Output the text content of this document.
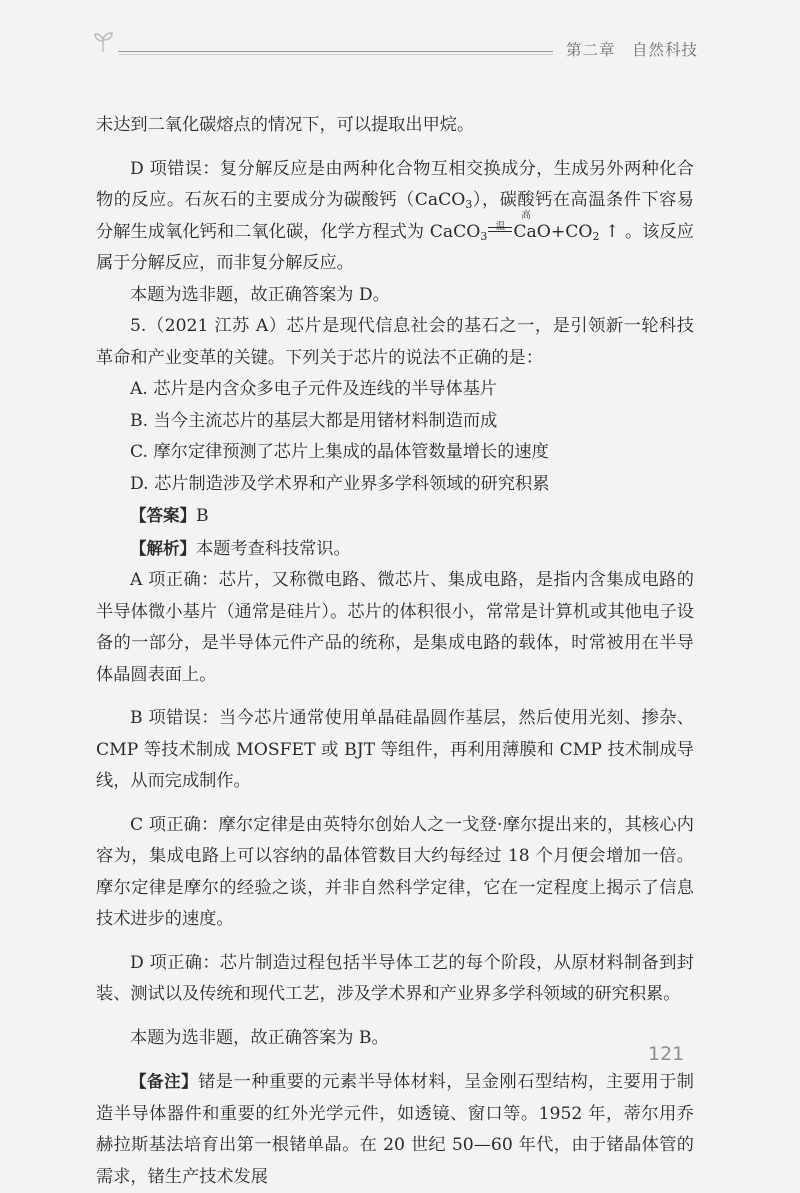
第二章　自然科技

未达到二氧化碳熔点的情况下，可以提取出甲烷。

D 项错误：复分解反应是由两种化合物互相交换成分，生成另外两种化合物的反应。石灰石的主要成分为碳酸钙（CaCO$_3$），碳酸钙在高温条件下容易分解生成氧化钙和二氧化碳，化学方程式为 CaCO$_3$
高
$CaO+CO_2$ ↑ 。该反应属于分解反应，而非复分解反应。

本题为选非题，故正确答案为 D。

5.（2021 江苏 A）芯片是现代信息社会的基石之一，是引领新一轮科技革命和产业变革的关键。下列关于芯片的说法不正确的是：

A. 芯片是内含众多电子元件及连线的半导体基片

B. 当今主流芯片的基层大都是用锗材料制造而成

C. 摩尔定律预测了芯片上集成的晶体管数量增长的速度

D. 芯片制造涉及学术界和产业界多学科领域的研究积累

【答案】B

【解析】本题考查科技常识。

A 项正确：芯片，又称微电路、微芯片、集成电路，是指内含集成电路的半导体微小基片（通常是硅片）。芯片的体积很小，常常是计算机或其他电子设备的一部分，是半导体元件产品的统称，是集成电路的载体，时常被用在半导体晶圆表面上。

B 项错误：当今芯片通常使用单晶硅晶圆作基层，然后使用光刻、掺杂、CMP 等技术制成 MOSFET 或 BJT 等组件，再利用薄膜和 CMP 技术制成导线，从而完成制作。

C 项正确：摩尔定律是由英特尔创始人之一戈登·摩尔提出来的，其核心内容为，集成电路上可以容纳的晶体管数目大约每经过 18 个月便会增加一倍。摩尔定律是摩尔的经验之谈，并非自然科学定律，它在一定程度上揭示了信息技术进步的速度。

D 项正确：芯片制造过程包括半导体工艺的每个阶段，从原材料制备到封装、测试以及传统和现代工艺，涉及学术界和产业界多学科领域的研究积累。

本题为选非题，故正确答案为 B。

【备注】锗是一种重要的元素半导体材料，呈金刚石型结构，主要用于制造半导体器件和重要的红外光学元件，如透镜、窗口等。1952 年，蒂尔用乔赫拉斯基法培育出第一根锗单晶。在 20 世纪 50—60 年代，由于锗晶体管的需求，锗生产技术发展

121
